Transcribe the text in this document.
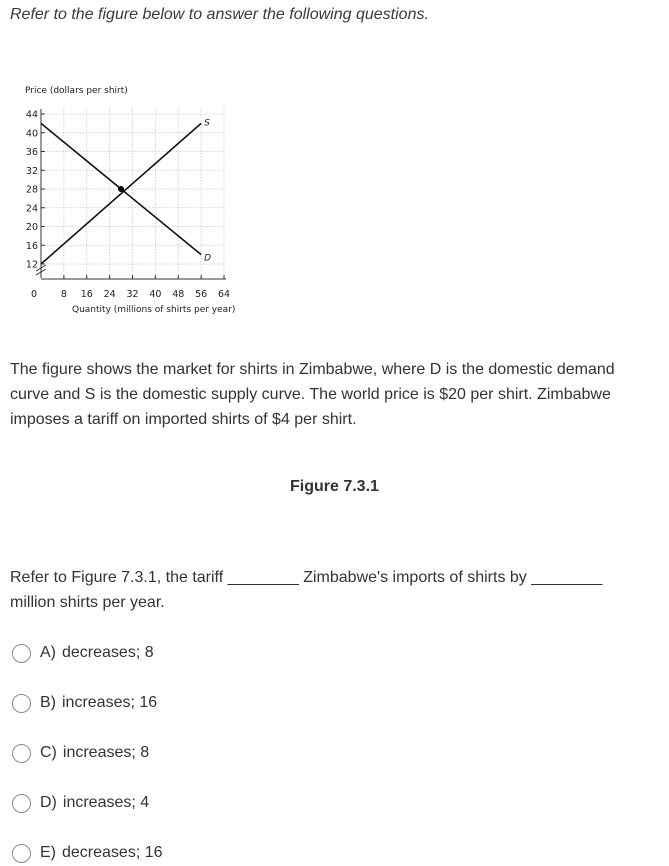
Refer to the figure below to answer the following questions.
Price (dollars per shirt)
44
40
36
32
28
24
20
16
12
0	8 16 24 32 40 48 56 64
S
D
Quantity (millions of shirts per year)
The figure shows the market for shirts in Zimbabwe, where D is the domestic demand curve and S is the domestic supply curve. The world price is $20 per shirt. Zimbabwe imposes a tariff on imported shirts of $4 per shirt.
Figure 7.3.1
Refer to Figure 7.3.1, the tariff ________ Zimbabwe's imports of shirts by ________ million shirts per year.
A) decreases; 8
B) increases; 16
C) increases; 8
D) increases; 4
E) decreases; 16
